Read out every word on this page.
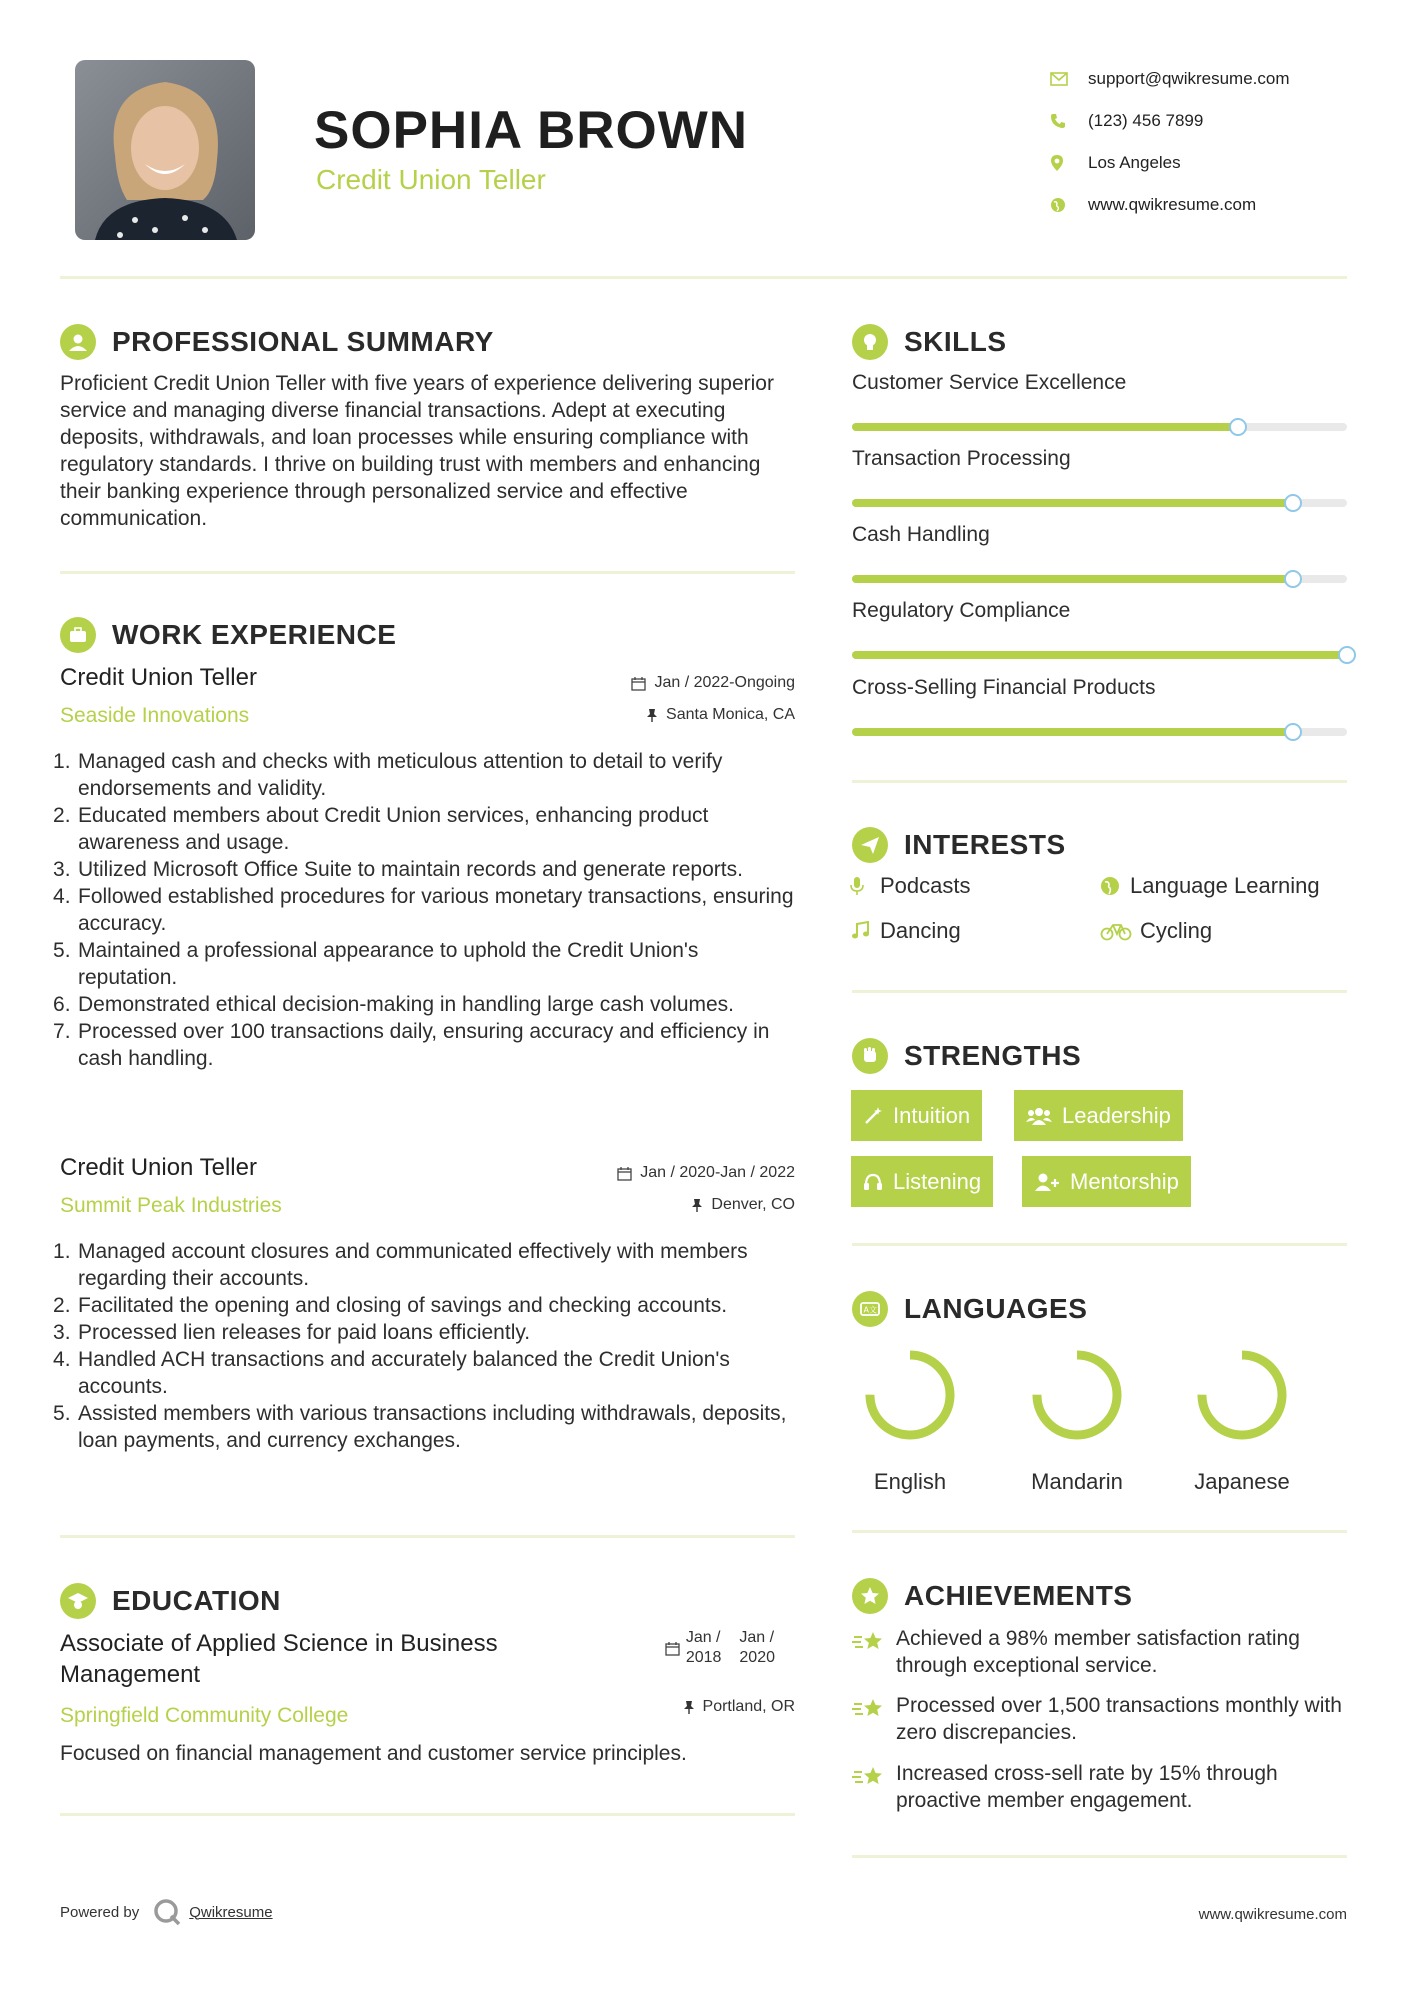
SOPHIA BROWN
Credit Union Teller
support@qwikresume.com
(123) 456 7899
Los Angeles
www.qwikresume.com
PROFESSIONAL SUMMARY
Proficient Credit Union Teller with five years of experience delivering superior service and managing diverse financial transactions. Adept at executing deposits, withdrawals, and loan processes while ensuring compliance with regulatory standards. I thrive on building trust with members and enhancing their banking experience through personalized service and effective communication.
WORK EXPERIENCE
Credit Union Teller
Seaside Innovations
Jan / 2022-Ongoing
Santa Monica, CA
Managed cash and checks with meticulous attention to detail to verify endorsements and validity.
Educated members about Credit Union services, enhancing product awareness and usage.
Utilized Microsoft Office Suite to maintain records and generate reports.
Followed established procedures for various monetary transactions, ensuring accuracy.
Maintained a professional appearance to uphold the Credit Union's reputation.
Demonstrated ethical decision-making in handling large cash volumes.
Processed over 100 transactions daily, ensuring accuracy and efficiency in cash handling.
Credit Union Teller
Summit Peak Industries
Jan / 2020-Jan / 2022
Denver, CO
Managed account closures and communicated effectively with members regarding their accounts.
Facilitated the opening and closing of savings and checking accounts.
Processed lien releases for paid loans efficiently.
Handled ACH transactions and accurately balanced the Credit Union's accounts.
Assisted members with various transactions including withdrawals, deposits, loan payments, and currency exchanges.
EDUCATION
Associate of Applied Science in Business Management
Springfield Community College
Focused on financial management and customer service principles.
Jan /
2018
Jan /
2020
Portland, OR
SKILLS
Customer Service Excellence
Transaction Processing
Cash Handling
Regulatory Compliance
Cross-Selling Financial Products
INTERESTS
Podcasts	Language Learning
Dancing	Cycling
STRENGTHS
Intuition	Leadership
Listening	Mentorship
A文 LANGUAGES
English	Mandarin	Japanese
ACHIEVEMENTS
Achieved a 98% member satisfaction rating through exceptional service.
Processed over 1,500 transactions monthly with zero discrepancies.
Increased cross-sell rate by 15% through proactive member engagement.
Powered by	Qwikresume	www.qwikresume.com
